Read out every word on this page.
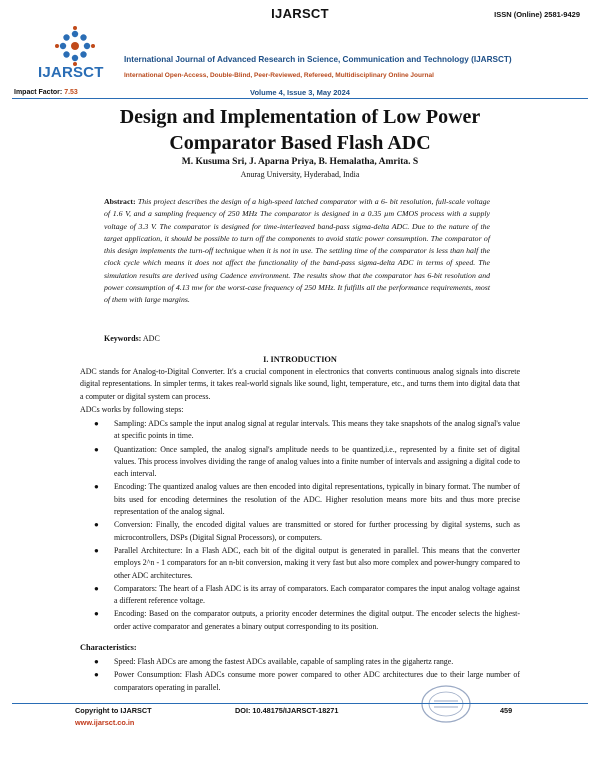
IJARSCT	ISSN (Online) 2581-9429
IJARSCT
International Journal of Advanced Research in Science, Communication and Technology (IJARSCT)
International Open-Access, Double-Blind, Peer-Reviewed, Refereed, Multidisciplinary Online Journal
Impact Factor: 7.53	Volume 4, Issue 3, May 2024
Design and Implementation of Low Power
Comparator Based Flash ADC
M. Kusuma Sri, J. Aparna Priya, B. Hemalatha, Amrita. S
Anurag University, Hyderabad, India
Abstract: This project describes the design of a high-speed latched comparator with a 6- bit resolution, full-scale voltage of 1.6 V, and a sampling frequency of 250 MHz The comparator is designed in a 0.35 µm CMOS process with a supply voltage of 3.3 V. The comparator is designed for time-interleaved band-pass sigma-delta ADC. Due to the nature of the target application, it should be possible to turn off the components to avoid static power consumption. The comparator of this design implements the turn-off technique when it is not in use. The settling time of the comparator is less than half the clock cycle which means it does not affect the functionality of the band-pass sigma-delta ADC in terms of speed. The simulation results are derived using Cadence environment. The results show that the comparator has 6-bit resolution and power consumption of 4.13 mw for the worst-case frequency of 250 MHz. It fulfills all the performance requirements, most of them with large margins.
Keywords: ADC
I. INTRODUCTION
ADC stands for Analog-to-Digital Converter. It's a crucial component in electronics that converts continuous analog signals into discrete digital representations. In simpler terms, it takes real-world signals like sound, light, temperature, etc., and turns them into digital data that a computer or digital system can process.
ADCs works by following steps:
● Sampling: ADCs sample the input analog signal at regular intervals. This means they take snapshots of the analog signal's value at specific points in time.
● Quantization: Once sampled, the analog signal's amplitude needs to be quantized,i.e., represented by a finite set of digital values. This process involves dividing the range of analog values into a finite number of intervals and assigning a digital code to each interval.
● Encoding: The quantized analog values are then encoded into digital representations, typically in binary format. The number of bits used for encoding determines the resolution of the ADC. Higher resolution means more bits and thus more precise representation of the analog signal.
● Conversion: Finally, the encoded digital values are transmitted or stored for further processing by digital systems, such as microcontrollers, DSPs (Digital Signal Processors), or computers.
● Parallel Architecture: In a Flash ADC, each bit of the digital output is generated in parallel. This means that the converter employs 2^n - 1 comparators for an n-bit conversion, making it very fast but also more complex and power-hungry compared to other ADC architectures.
● Comparators: The heart of a Flash ADC is its array of comparators. Each comparator compares the input analog voltage against a different reference voltage.
● Encoding: Based on the comparator outputs, a priority encoder determines the digital output. The encoder selects the highest-order active comparator and generates a binary output corresponding to its position.
Characteristics:
● Speed: Flash ADCs are among the fastest ADCs available, capable of sampling rates in the gigahertz range.
● Power Consumption: Flash ADCs consume more power compared to other ADC architectures due to their large number of comparators operating in parallel.
Copyright to IJARSCT	DOI: 10.48175/IJARSCT-18271	459
www.ijarsct.co.in
